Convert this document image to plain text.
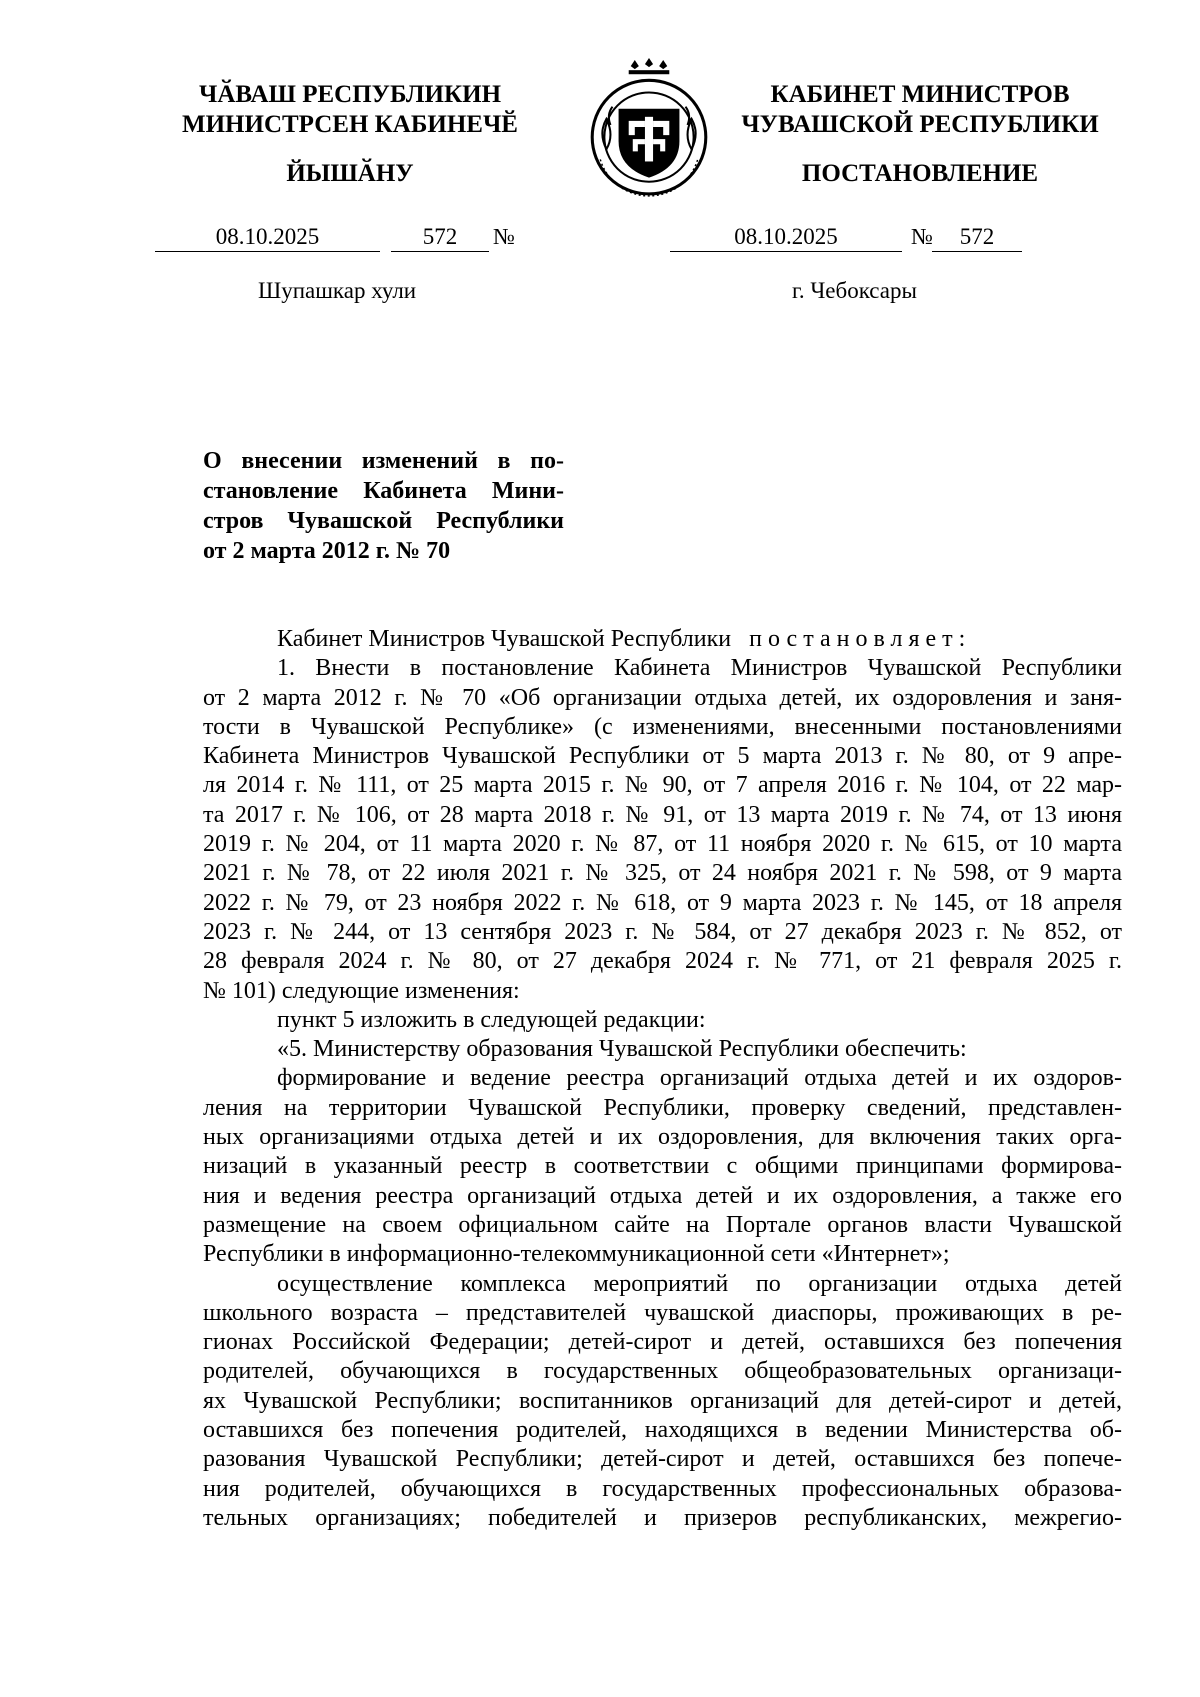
ЧӐВАШ РЕСПУБЛИКИН
МИНИСТРСЕН КАБИНЕЧӖ
ЙЫШӐНУ
КАБИНЕТ МИНИСТРОВ
ЧУВАШСКОЙ РЕСПУБЛИКИ
ПОСТАНОВЛЕНИЕ
08.10.2025	572	№	08.10.2025	№	572
Шупашкар хули	г. Чебоксары
О внесении изменений в по-
становление Кабинета Мини-
стров Чувашской Республики
от 2 марта 2012 г. № 70
Кабинет Министров Чувашской Республики постановляет:
1. Внести в постановление Кабинета Министров Чувашской Республики
от 2 марта 2012 г. № 70 «Об организации отдыха детей, их оздоровления и заня-
тости в Чувашской Республике» (с изменениями, внесенными постановлениями
Кабинета Министров Чувашской Республики от 5 марта 2013 г. № 80, от 9 апре-
ля 2014 г. № 111, от 25 марта 2015 г. № 90, от 7 апреля 2016 г. № 104, от 22 мар-
та 2017 г. № 106, от 28 марта 2018 г. № 91, от 13 марта 2019 г. № 74, от 13 июня
2019 г. № 204, от 11 марта 2020 г. № 87, от 11 ноября 2020 г. № 615, от 10 марта
2021 г. № 78, от 22 июля 2021 г. № 325, от 24 ноября 2021 г. № 598, от 9 марта
2022 г. № 79, от 23 ноября 2022 г. № 618, от 9 марта 2023 г. № 145, от 18 апреля
2023 г. № 244, от 13 сентября 2023 г. № 584, от 27 декабря 2023 г. № 852, от
28 февраля 2024 г. № 80, от 27 декабря 2024 г. № 771, от 21 февраля 2025 г.
№ 101) следующие изменения:
пункт 5 изложить в следующей редакции:
«5. Министерству образования Чувашской Республики обеспечить:
формирование и ведение реестра организаций отдыха детей и их оздоров-
ления на территории Чувашской Республики, проверку сведений, представлен-
ных организациями отдыха детей и их оздоровления, для включения таких орга-
низаций в указанный реестр в соответствии с общими принципами формирова-
ния и ведения реестра организаций отдыха детей и их оздоровления, а также его
размещение на своем официальном сайте на Портале органов власти Чувашской
Республики в информационно-телекоммуникационной сети «Интернет»;
осуществление комплекса мероприятий по организации отдыха детей
школьного возраста – представителей чувашской диаспоры, проживающих в ре-
гионах Российской Федерации; детей-сирот и детей, оставшихся без попечения
родителей, обучающихся в государственных общеобразовательных организаци-
ях Чувашской Республики; воспитанников организаций для детей-сирот и детей,
оставшихся без попечения родителей, находящихся в ведении Министерства об-
разования Чувашской Республики; детей-сирот и детей, оставшихся без попече-
ния родителей, обучающихся в государственных профессиональных образова-
тельных организациях; победителей и призеров республиканских, межрегио-
